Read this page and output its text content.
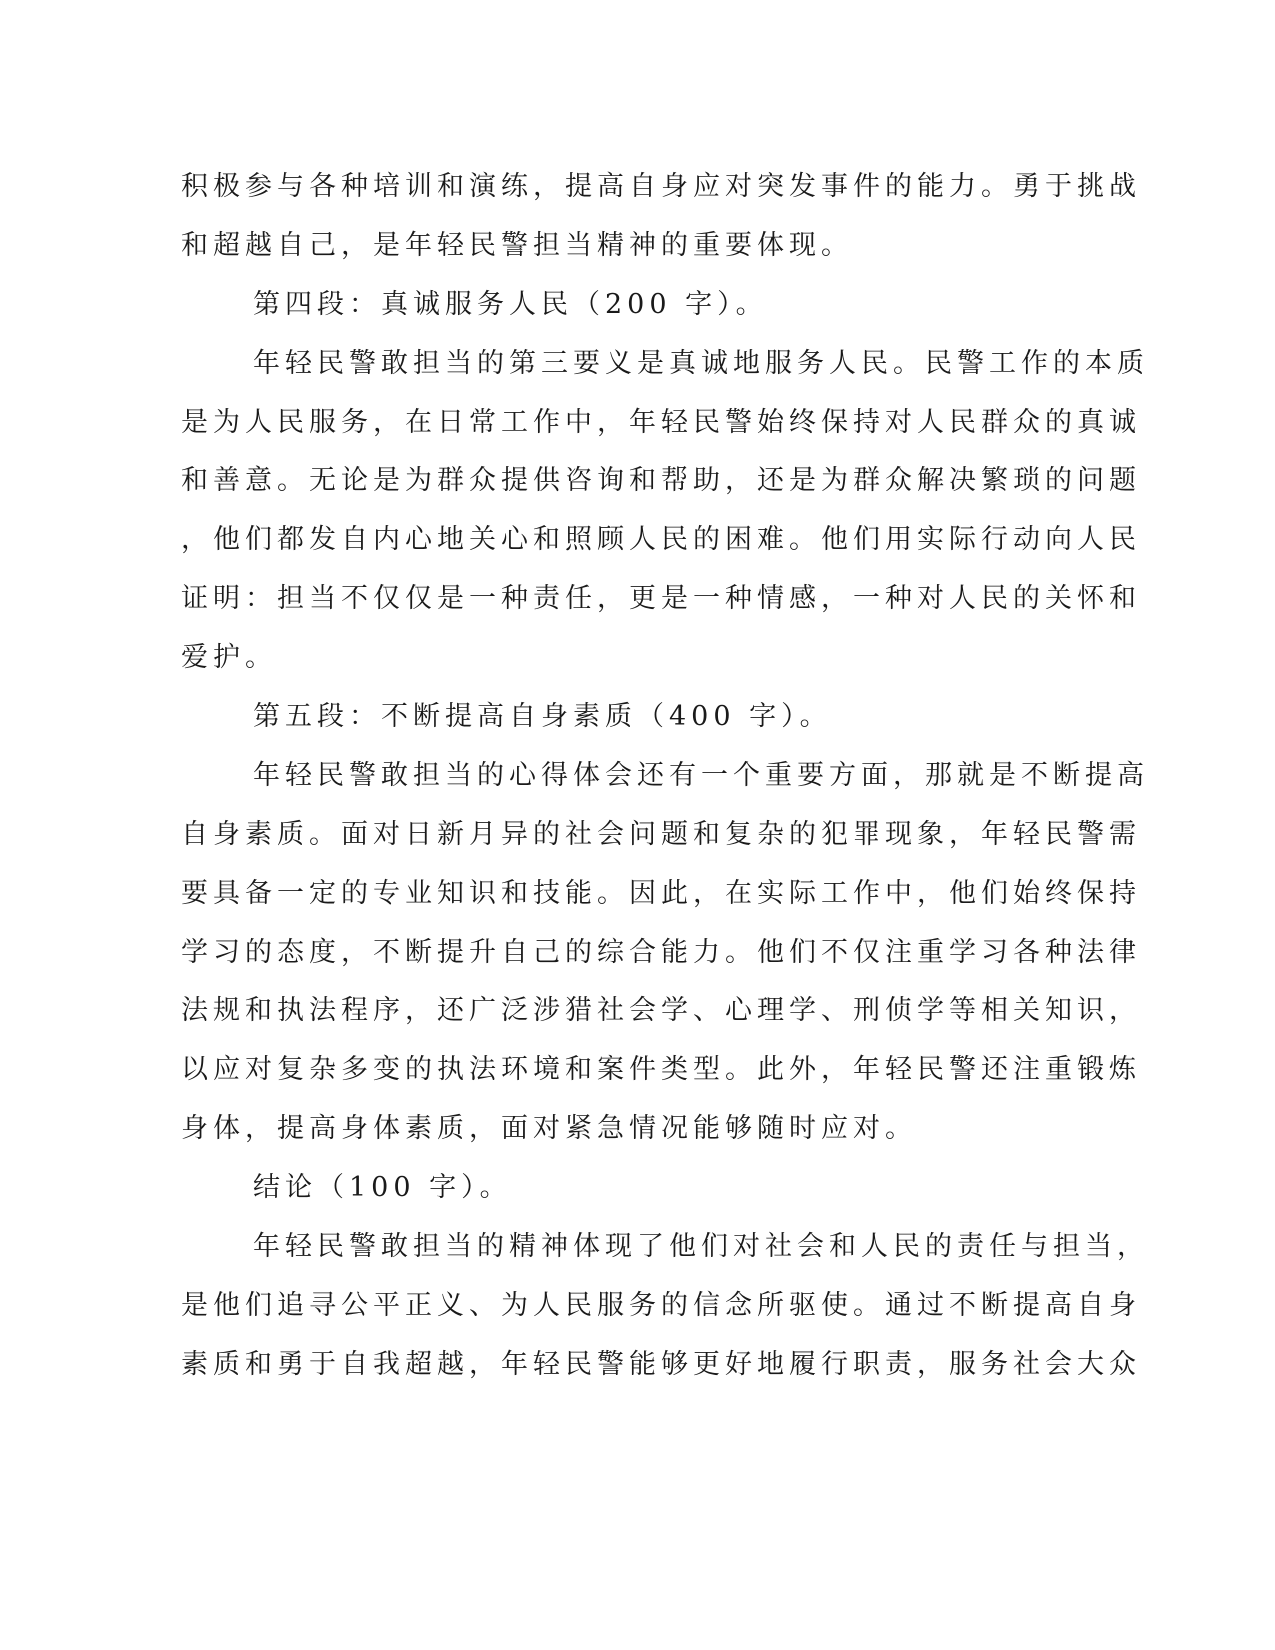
积极参与各种培训和演练，提高自身应对突发事件的能力。勇于挑战
和超越自己，是年轻民警担当精神的重要体现。
第四段：真诚服务人民（200 字）。
年轻民警敢担当的第三要义是真诚地服务人民。民警工作的本质
是为人民服务，在日常工作中，年轻民警始终保持对人民群众的真诚
和善意。无论是为群众提供咨询和帮助，还是为群众解决繁琐的问题
，他们都发自内心地关心和照顾人民的困难。他们用实际行动向人民
证明：担当不仅仅是一种责任，更是一种情感，一种对人民的关怀和
爱护。
第五段：不断提高自身素质（400 字）。
年轻民警敢担当的心得体会还有一个重要方面，那就是不断提高
自身素质。面对日新月异的社会问题和复杂的犯罪现象，年轻民警需
要具备一定的专业知识和技能。因此，在实际工作中，他们始终保持
学习的态度，不断提升自己的综合能力。他们不仅注重学习各种法律
法规和执法程序，还广泛涉猎社会学、心理学、刑侦学等相关知识，
以应对复杂多变的执法环境和案件类型。此外，年轻民警还注重锻炼
身体，提高身体素质，面对紧急情况能够随时应对。
结论（100 字）。
年轻民警敢担当的精神体现了他们对社会和人民的责任与担当，
是他们追寻公平正义、为人民服务的信念所驱使。通过不断提高自身
素质和勇于自我超越，年轻民警能够更好地履行职责，服务社会大众
